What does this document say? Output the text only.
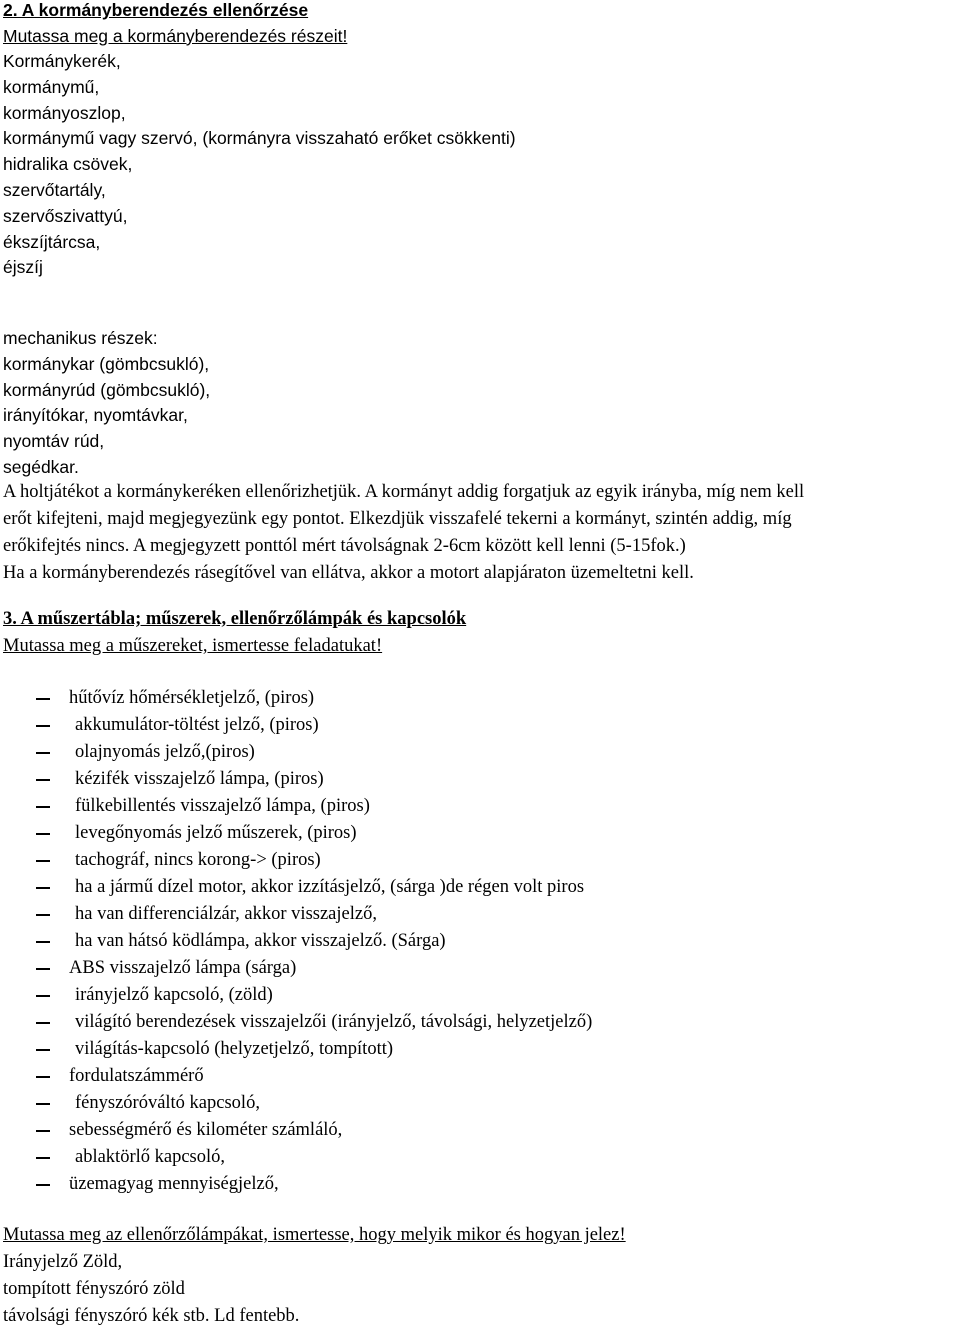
2. A kormányberendezés ellenőrzése
Mutassa meg a kormányberendezés részeit!
Kormánykerék,
kormánymű,
kormányoszlop,
kormánymű vagy szervó, (kormányra visszaható erőket csökkenti)
hidralika csövek,
szervőtartály,
szervőszivattyú,
ékszíjtárcsa,
éjszíj
mechanikus részek:
kormánykar (gömbcsukló),
kormányrúd (gömbcsukló),
irányítókar, nyomtávkar,
nyomtáv rúd,
segédkar.
A holtjátékot a kormánykeréken ellenőrizhetjük. A kormányt addig forgatjuk az egyik irányba, míg nem kell
erőt kifejteni, majd megjegyezünk egy pontot. Elkezdjük visszafelé tekerni a kormányt, szintén addig, míg
erőkifejtés nincs. A megjegyzett ponttól mért távolságnak 2-6cm között kell lenni (5-15fok.)
Ha a kormányberendezés rásegítővel van ellátva, akkor a motort alapjáraton üzemeltetni kell.
3. A műszertábla; műszerek, ellenőrzőlámpák és kapcsolók
Mutassa meg a műszereket, ismertesse feladatukat!
hűtővíz hőmérsékletjelző, (piros)
akkumulátor-töltést jelző, (piros)
olajnyomás jelző,(piros)
kézifék visszajelző lámpa, (piros)
fülkebillentés visszajelző lámpa, (piros)
levegőnyomás jelző műszerek, (piros)
tachográf, nincs korong-> (piros)
ha a jármű dízel motor, akkor izzításjelző, (sárga )de régen volt piros
ha van differenciálzár, akkor visszajelző,
ha van hátsó ködlámpa, akkor visszajelző. (Sárga)
ABS visszajelző lámpa (sárga)
irányjelző kapcsoló, (zöld)
világító berendezések visszajelzői (irányjelző, távolsági, helyzetjelző)
világítás-kapcsoló (helyzetjelző, tompított)
fordulatszámmérő
fényszóróváltó kapcsoló,
sebességmérő és kilométer számláló,
ablaktörlő kapcsoló,
üzemagyag mennyiségjelző,
Mutassa meg az ellenőrzőlámpákat, ismertesse, hogy melyik mikor és hogyan jelez!
Irányjelző Zöld,
tompított fényszóró zöld
távolsági fényszóró kék stb. Ld fentebb.
